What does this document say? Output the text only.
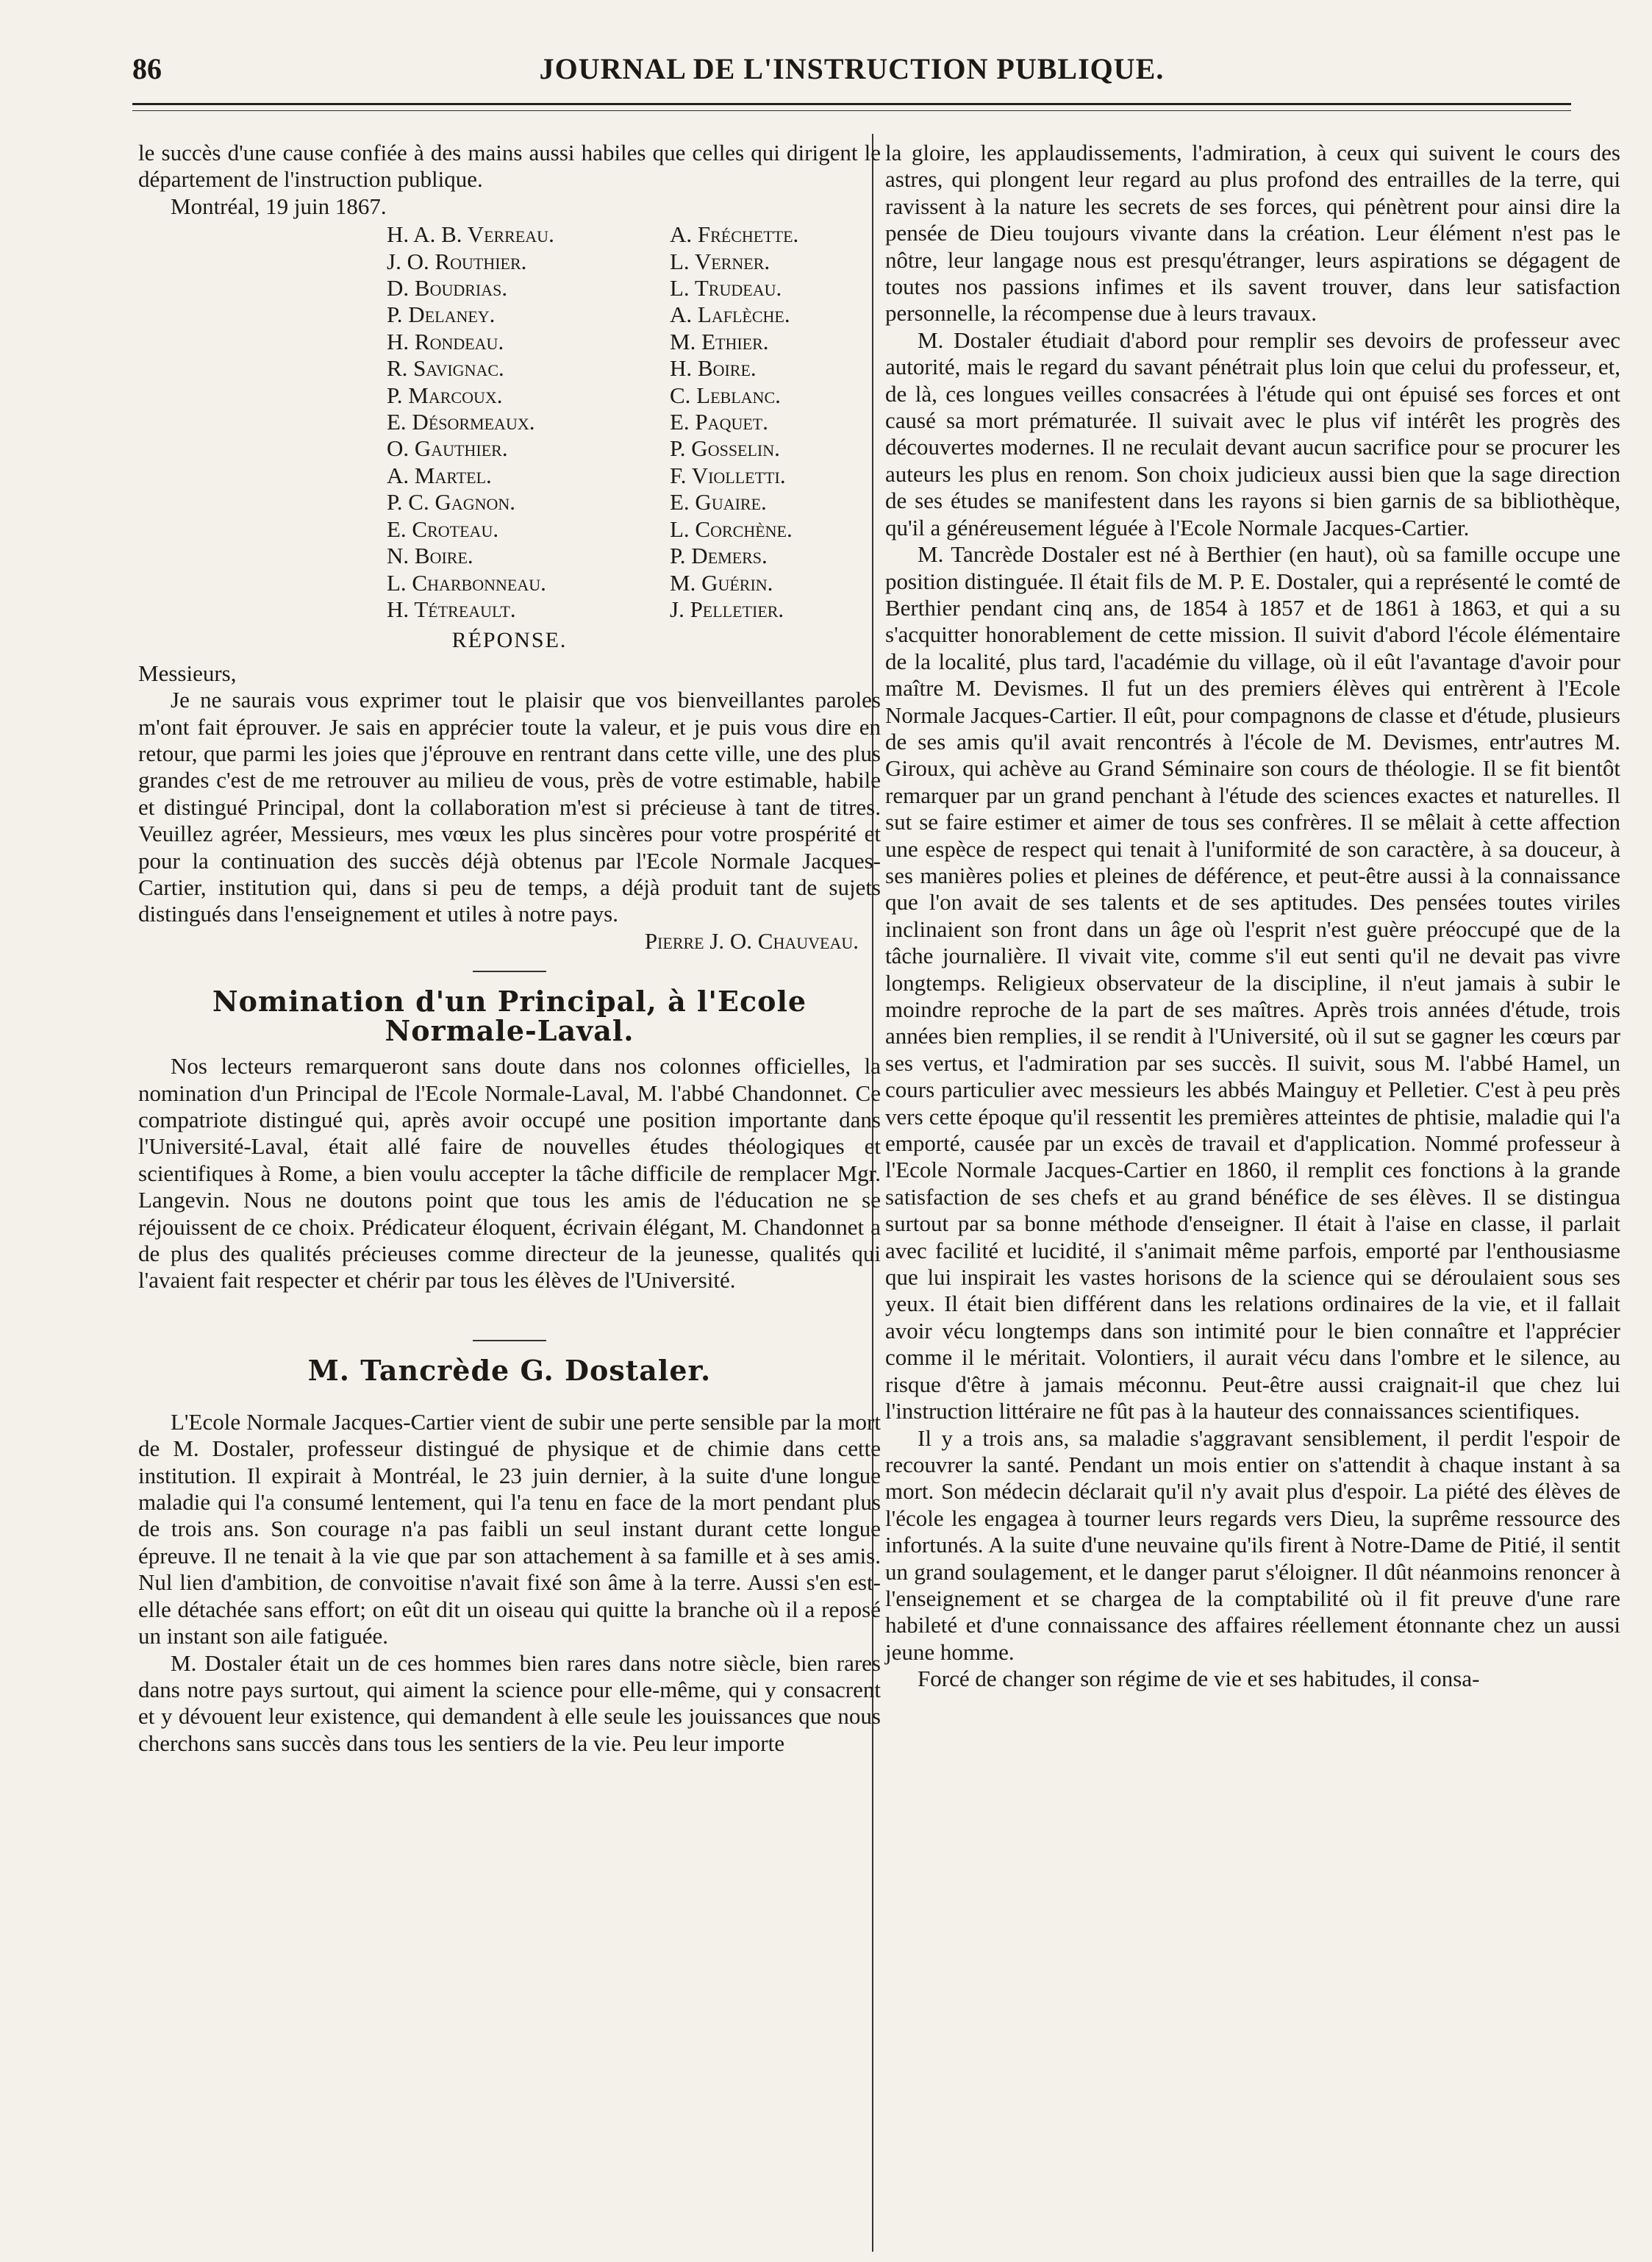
86	JOURNAL DE L'INSTRUCTION PUBLIQUE.

le succès d'une cause confiée à des mains aussi habiles que celles qui dirigent le département de l'instruction publique.

Montréal, 19 juin 1867.

H. A. B. Verreau.	A. Fréchette.
J. O. Routhier.	L. Verner.
D. Boudrias.	L. Trudeau.
P. Delaney.	A. Laflèche.
H. Rondeau.	M. Ethier.
R. Savignac.	H. Boire.
P. Marcoux.	C. Leblanc.
E. Désormeaux.	E. Paquet.
O. Gauthier.	P. Gosselin.
A. Martel.	F. Violletti.
P. C. Gagnon.	E. Guaire.
E. Croteau.	L. Corchène.
N. Boire.	P. Demers.
L. Charbonneau.	M. Guérin.
H. Tétreault.	J. Pelletier.
RÉPONSE.

Messieurs,

Je ne saurais vous exprimer tout le plaisir que vos bienveillantes paroles m'ont fait éprouver. Je sais en apprécier toute la valeur, et je puis vous dire en retour, que parmi les joies que j'éprouve en rentrant dans cette ville, une des plus grandes c'est de me retrouver au milieu de vous, près de votre estimable, habile et distingué Principal, dont la collaboration m'est si précieuse à tant de titres. Veuillez agréer, Messieurs, mes vœux les plus sincères pour votre prospérité et pour la continuation des succès déjà obtenus par l'Ecole Normale Jacques-Cartier, institution qui, dans si peu de temps, a déjà produit tant de sujets distingués dans l'enseignement et utiles à notre pays.

Pierre J. O. Chauveau.
Nomination d'un Principal, à l'Ecole
Normale-Laval.

Nos lecteurs remarqueront sans doute dans nos colonnes officielles, la nomination d'un Principal de l'Ecole Normale-Laval, M. l'abbé Chandonnet. Ce compatriote distingué qui, après avoir occupé une position importante dans l'Université-Laval, était allé faire de nouvelles études théologiques et scientifiques à Rome, a bien voulu accepter la tâche difficile de remplacer Mgr. Langevin. Nous ne doutons point que tous les amis de l'éducation ne se réjouissent de ce choix. Prédicateur éloquent, écrivain élégant, M. Chandonnet a de plus des qualités précieuses comme directeur de la jeunesse, qualités qui l'avaient fait respecter et chérir par tous les élèves de l'Université.

M. Tancrède G. Dostaler.

L'Ecole Normale Jacques-Cartier vient de subir une perte sensible par la mort de M. Dostaler, professeur distingué de physique et de chimie dans cette institution. Il expirait à Montréal, le 23 juin dernier, à la suite d'une longue maladie qui l'a consumé lentement, qui l'a tenu en face de la mort pendant plus de trois ans. Son courage n'a pas faibli un seul instant durant cette longue épreuve. Il ne tenait à la vie que par son attachement à sa famille et à ses amis. Nul lien d'ambition, de convoitise n'avait fixé son âme à la terre. Aussi s'en est-elle détachée sans effort; on eût dit un oiseau qui quitte la branche où il a reposé un instant son aile fatiguée.

M. Dostaler était un de ces hommes bien rares dans notre siècle, bien rares dans notre pays surtout, qui aiment la science pour elle-même, qui y consacrent et y dévouent leur existence, qui demandent à elle seule les jouissances que nous cherchons sans succès dans tous les sentiers de la vie. Peu leur importe

la gloire, les applaudissements, l'admiration, à ceux qui suivent le cours des astres, qui plongent leur regard au plus profond des entrailles de la terre, qui ravissent à la nature les secrets de ses forces, qui pénètrent pour ainsi dire la pensée de Dieu toujours vivante dans la création. Leur élément n'est pas le nôtre, leur langage nous est presqu'étranger, leurs aspirations se dégagent de toutes nos passions infimes et ils savent trouver, dans leur satisfaction personnelle, la récompense due à leurs travaux.

M. Dostaler étudiait d'abord pour remplir ses devoirs de professeur avec autorité, mais le regard du savant pénétrait plus loin que celui du professeur, et, de là, ces longues veilles consacrées à l'étude qui ont épuisé ses forces et ont causé sa mort prématurée. Il suivait avec le plus vif intérêt les progrès des découvertes modernes. Il ne reculait devant aucun sacrifice pour se procurer les auteurs les plus en renom. Son choix judicieux aussi bien que la sage direction de ses études se manifestent dans les rayons si bien garnis de sa bibliothèque, qu'il a généreusement léguée à l'Ecole Normale Jacques-Cartier.

M. Tancrède Dostaler est né à Berthier (en haut), où sa famille occupe une position distinguée. Il était fils de M. P. E. Dostaler, qui a représenté le comté de Berthier pendant cinq ans, de 1854 à 1857 et de 1861 à 1863, et qui a su s'acquitter honorablement de cette mission. Il suivit d'abord l'école élémentaire de la localité, plus tard, l'académie du village, où il eût l'avantage d'avoir pour maître M. Devismes. Il fut un des premiers élèves qui entrèrent à l'Ecole Normale Jacques-Cartier. Il eût, pour compagnons de classe et d'étude, plusieurs de ses amis qu'il avait rencontrés à l'école de M. Devismes, entr'autres M. Giroux, qui achève au Grand Séminaire son cours de théologie. Il se fit bientôt remarquer par un grand penchant à l'étude des sciences exactes et naturelles. Il sut se faire estimer et aimer de tous ses confrères. Il se mêlait à cette affection une espèce de respect qui tenait à l'uniformité de son caractère, à sa douceur, à ses manières polies et pleines de déférence, et peut-être aussi à la connaissance que l'on avait de ses talents et de ses aptitudes. Des pensées toutes viriles inclinaient son front dans un âge où l'esprit n'est guère préoccupé que de la tâche journalière. Il vivait vite, comme s'il eut senti qu'il ne devait pas vivre longtemps. Religieux observateur de la discipline, il n'eut jamais à subir le moindre reproche de la part de ses maîtres. Après trois années d'étude, trois années bien remplies, il se rendit à l'Université, où il sut se gagner les cœurs par ses vertus, et l'admiration par ses succès. Il suivit, sous M. l'abbé Hamel, un cours particulier avec messieurs les abbés Mainguy et Pelletier. C'est à peu près vers cette époque qu'il ressentit les premières atteintes de phtisie, maladie qui l'a emporté, causée par un excès de travail et d'application. Nommé professeur à l'Ecole Normale Jacques-Cartier en 1860, il remplit ces fonctions à la grande satisfaction de ses chefs et au grand bénéfice de ses élèves. Il se distingua surtout par sa bonne méthode d'enseigner. Il était à l'aise en classe, il parlait avec facilité et lucidité, il s'animait même parfois, emporté par l'enthousiasme que lui inspirait les vastes horisons de la science qui se déroulaient sous ses yeux. Il était bien différent dans les relations ordinaires de la vie, et il fallait avoir vécu longtemps dans son intimité pour le bien connaître et l'apprécier comme il le méritait. Volontiers, il aurait vécu dans l'ombre et le silence, au risque d'être à jamais méconnu. Peut-être aussi craignait-il que chez lui l'instruction littéraire ne fût pas à la hauteur des connaissances scientifiques.

Il y a trois ans, sa maladie s'aggravant sensiblement, il perdit l'espoir de recouvrer la santé. Pendant un mois entier on s'attendit à chaque instant à sa mort. Son médecin déclarait qu'il n'y avait plus d'espoir. La piété des élèves de l'école les engagea à tourner leurs regards vers Dieu, la suprême ressource des infortunés. A la suite d'une neuvaine qu'ils firent à Notre-Dame de Pitié, il sentit un grand soulagement, et le danger parut s'éloigner. Il dût néanmoins renoncer à l'enseignement et se chargea de la comptabilité où il fit preuve d'une rare habileté et d'une connaissance des affaires réellement étonnante chez un aussi jeune homme.

Forcé de changer son régime de vie et ses habitudes, il consa-
